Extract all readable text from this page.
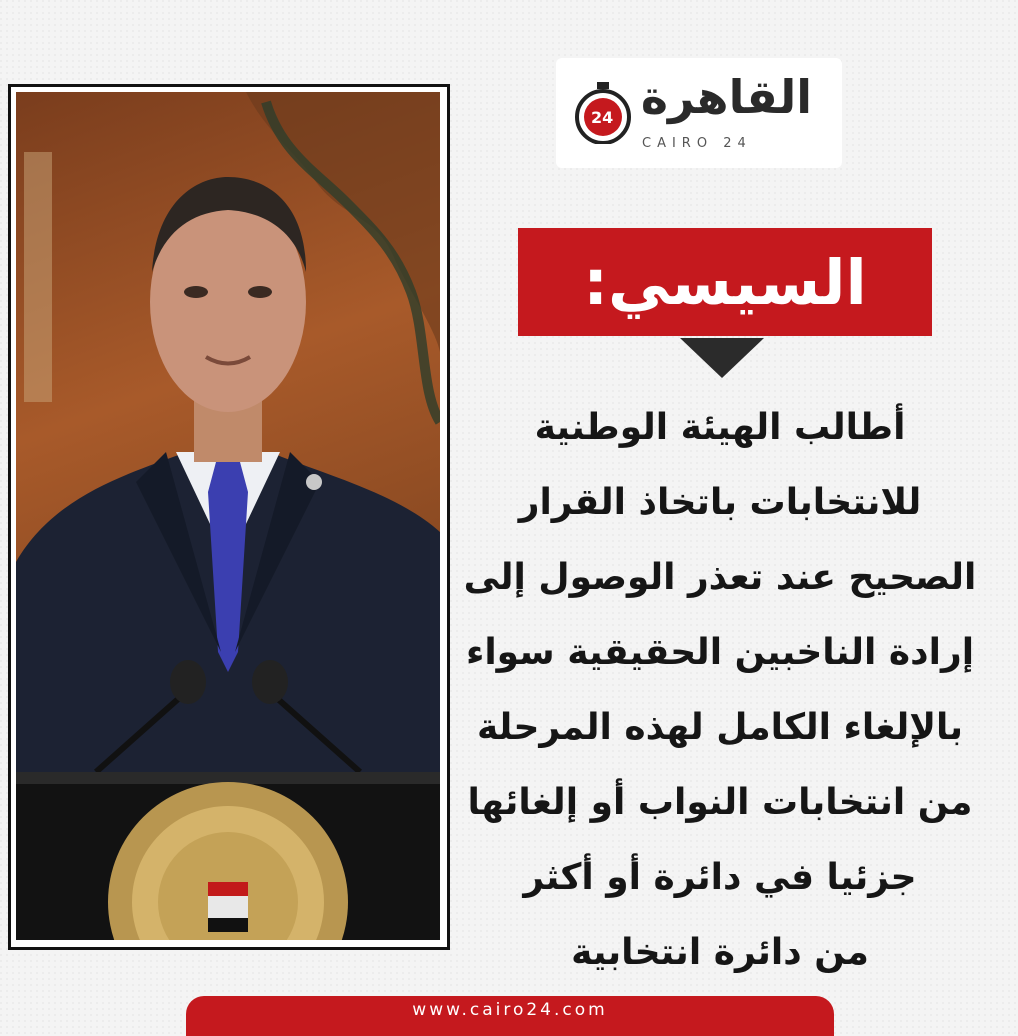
24 القاهرة
CAIRO 24
السيسي:
أطالب الهيئة الوطنية
للانتخابات باتخاذ القرار
الصحيح عند تعذر الوصول إلى
إرادة الناخبين الحقيقية سواء
بالإلغاء الكامل لهذه المرحلة
من انتخابات النواب أو إلغائها
جزئيا في دائرة أو أكثر
من دائرة انتخابية
www.cairo24.com
